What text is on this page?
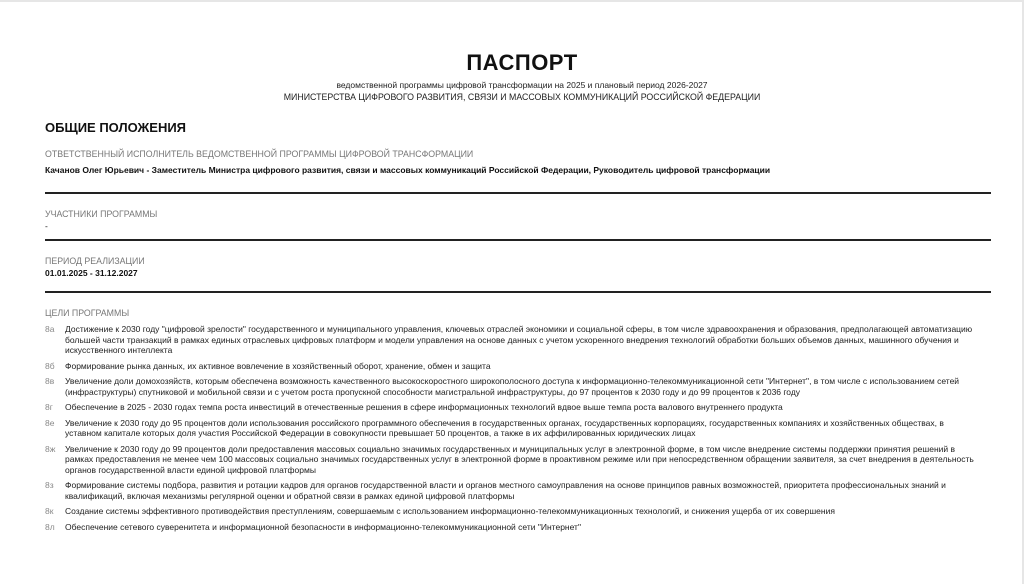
ПАСПОРТ
ведомственной программы цифровой трансформации на 2025 и плановый период 2026-2027
МИНИСТЕРСТВА ЦИФРОВОГО РАЗВИТИЯ, СВЯЗИ И МАССОВЫХ КОММУНИКАЦИЙ РОССИЙСКОЙ ФЕДЕРАЦИИ
ОБЩИЕ ПОЛОЖЕНИЯ
ОТВЕТСТВЕННЫЙ ИСПОЛНИТЕЛЬ ВЕДОМСТВЕННОЙ ПРОГРАММЫ ЦИФРОВОЙ ТРАНСФОРМАЦИИ
Качанов Олег Юрьевич - Заместитель Министра цифрового развития, связи и массовых коммуникаций Российской Федерации, Руководитель цифровой трансформации
УЧАСТНИКИ ПРОГРАММЫ
-
ПЕРИОД РЕАЛИЗАЦИИ
01.01.2025 - 31.12.2027
ЦЕЛИ ПРОГРАММЫ
8а	Достижение к 2030 году "цифровой зрелости" государственного и муниципального управления, ключевых отраслей экономики и социальной сферы, в том числе здравоохранения и образования, предполагающей автоматизацию большей части транзакций в рамках единых отраслевых цифровых платформ и модели управления на основе данных с учетом ускоренного внедрения технологий обработки больших объемов данных, машинного обучения и искусственного интеллекта
8б	Формирование рынка данных, их активное вовлечение в хозяйственный оборот, хранение, обмен и защита
8в	Увеличение доли домохозяйств, которым обеспечена возможность качественного высокоскоростного широкополосного доступа к информационно-телекоммуникационной сети "Интернет", в том числе с использованием сетей (инфраструктуры) спутниковой и мобильной связи и с учетом роста пропускной способности магистральной инфраструктуры, до 97 процентов к 2030 году и до 99 процентов к 2036 году
8г	Обеспечение в 2025 - 2030 годах темпа роста инвестиций в отечественные решения в сфере информационных технологий вдвое выше темпа роста валового внутреннего продукта
8е	Увеличение к 2030 году до 95 процентов доли использования российского программного обеспечения в государственных органах, государственных корпорациях, государственных компаниях и хозяйственных обществах, в уставном капитале которых доля участия Российской Федерации в совокупности превышает 50 процентов, а также в их аффилированных юридических лицах
8ж	Увеличение к 2030 году до 99 процентов доли предоставления массовых социально значимых государственных и муниципальных услуг в электронной форме, в том числе внедрение системы поддержки принятия решений в рамках предоставления не менее чем 100 массовых социально значимых государственных услуг в электронной форме в проактивном режиме или при непосредственном обращении заявителя, за счет внедрения в деятельность органов государственной власти единой цифровой платформы
8з	Формирование системы подбора, развития и ротации кадров для органов государственной власти и органов местного самоуправления на основе принципов равных возможностей, приоритета профессиональных знаний и квалификаций, включая механизмы регулярной оценки и обратной связи в рамках единой цифровой платформы
8к	Создание системы эффективного противодействия преступлениям, совершаемым с использованием информационно-телекоммуникационных технологий, и снижения ущерба от их совершения
8л	Обеспечение сетевого суверенитета и информационной безопасности в информационно-телекоммуникационной сети "Интернет"
